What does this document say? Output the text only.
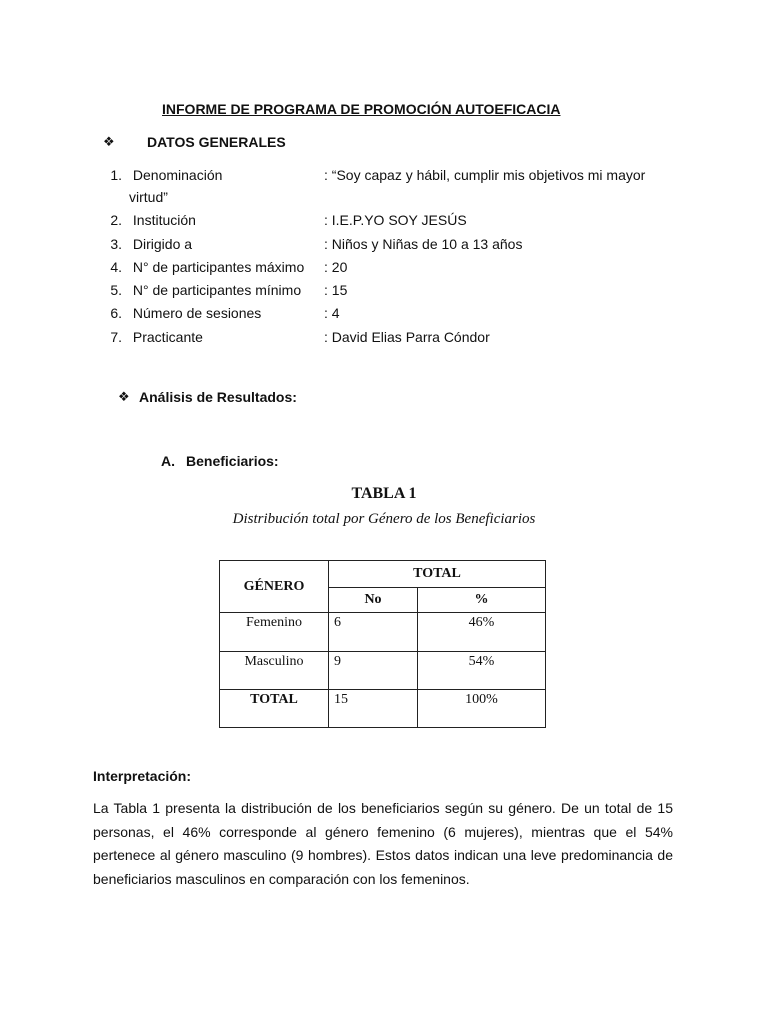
INFORME DE PROGRAMA DE PROMOCIÓN AUTOEFICACIA
❖ DATOS GENERALES
1. Denominación	: “Soy capaz y hábil, cumplir mis objetivos mi mayor
virtud”
2. Institución	: I.E.P.YO SOY JESÚS
3. Dirigido a	: Niños y Niñas de 10 a 13 años
4. N° de participantes máximo : 20
5. N° de participantes mínimo : 15
6. Número de sesiones	: 4
7. Practicante	: David Elias Parra Cóndor
❖ Análisis de Resultados:
A. Beneficiarios:
TABLA 1
Distribución total por Género de los Beneficiarios
GÉNERO	TOTAL	
	No	%
Femenino	6	46%
Masculino	9	54%
TOTAL	15	100%
Interpretación:
La Tabla 1 presenta la distribución de los beneficiarios según su género. De un total de 15 personas, el 46% corresponde al género femenino (6 mujeres), mientras que el 54% pertenece al género masculino (9 hombres). Estos datos indican una leve predominancia de beneficiarios masculinos en comparación con los femeninos.
